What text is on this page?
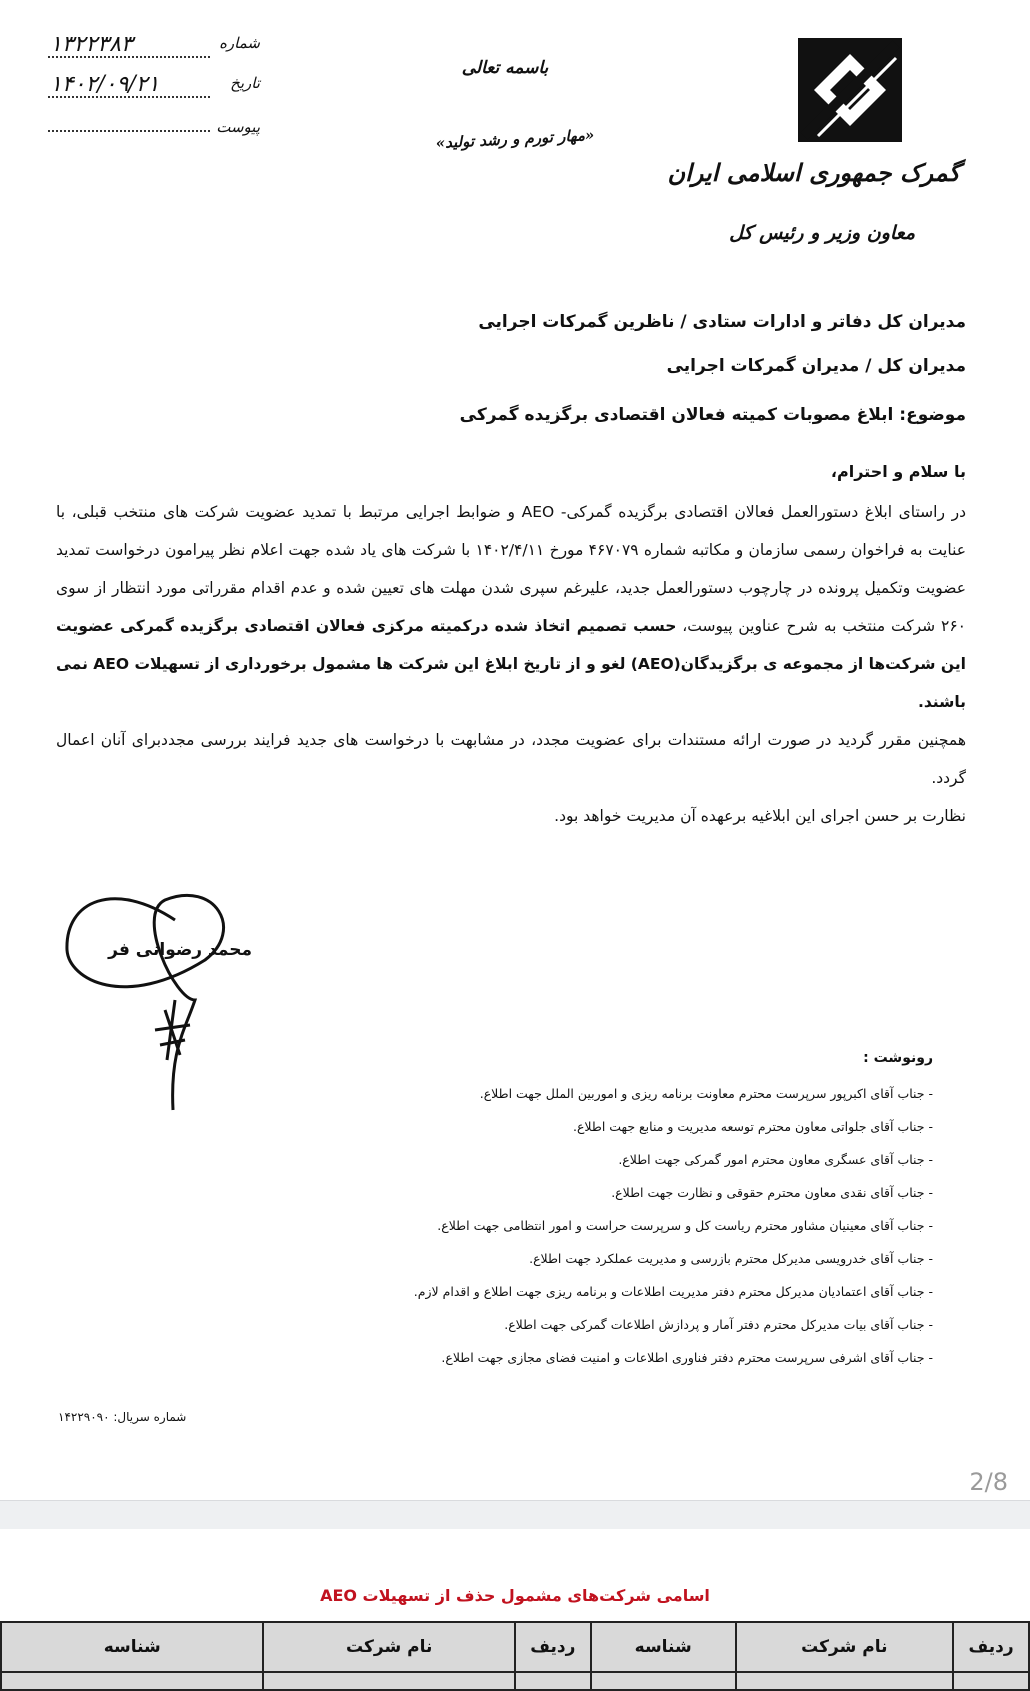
۱۳۲۲۳۸۳	شماره
۱۴۰۲/۰۹/۲۱	تاریخ
پیوست
باسمه تعالی
«مهار تورم و رشد تولید»
گمرک جمهوری اسلامی ایران
معاون وزیر و رئیس کل
مدیران کل دفاتر و ادارات ستادی / ناظرین گمرکات اجرایی
مدیران کل / مدیران گمرکات اجرایی
موضوع: ابلاغ مصوبات کمیته فعالان اقتصادی برگزیده گمرکی
با سلام و احترام،

در راستای ابلاغ دستورالعمل فعالان اقتصادی برگزیده گمرکی- AEO و ضوابط اجرایی مرتبط با تمدید عضویت شرکت های منتخب قبلی، با عنایت به فراخوان رسمی سازمان و مکاتبه شماره ۴۶۷۰۷۹ مورخ ۱۴۰۲/۴/۱۱ با شرکت های یاد شده جهت اعلام نظر پیرامون درخواست تمدید عضویت وتکمیل پرونده در چارچوب دستورالعمل جدید، علیرغم سپری شدن مهلت های تعیین شده و عدم اقدام مقرراتی مورد انتظار از سوی ۲۶۰ شرکت منتخب به شرح عناوین پیوست، حسب تصمیم اتخاذ شده درکمیته مرکزی فعالان اقتصادی برگزیده گمرکی عضویت این شرکت‌ها از مجموعه ی برگزیدگان(AEO) لغو و از تاریخ ابلاغ این شرکت ها مشمول برخورداری از تسهیلات AEO نمی باشند.

همچنین مقرر گردید در صورت ارائه مستندات برای عضویت مجدد، در مشابهت با درخواست های جدید فرایند بررسی مجددبرای آنان اعمال گردد.

نظارت بر حسن اجرای این ابلاغیه برعهده آن مدیریت خواهد بود.

محمد رضوانی فر
رونوشت :
- جناب آقای اکبرپور سرپرست محترم معاونت برنامه ریزی و اموربین الملل جهت اطلاع.
- جناب آقای جلواتی معاون محترم توسعه مدیریت و منابع جهت اطلاع.
- جناب آقای عسگری معاون محترم امور گمرکی جهت اطلاع.
- جناب آقای نقدی معاون محترم حقوقی و نظارت جهت اطلاع.
- جناب آقای معینیان مشاور محترم ریاست کل و سرپرست حراست و امور انتظامی جهت اطلاع.
- جناب آقای خدرویسی مدیرکل محترم بازرسی و مدیریت عملکرد جهت اطلاع.
- جناب آقای اعتمادیان مدیرکل محترم دفتر مدیریت اطلاعات و برنامه ریزی جهت اطلاع و اقدام لازم.
- جناب آقای بیات مدیرکل محترم دفتر آمار و پردازش اطلاعات گمرکی جهت اطلاع.
- جناب آقای اشرفی سرپرست محترم دفتر فناوری اطلاعات و امنیت فضای مجازی جهت اطلاع.
شماره سریال: ۱۴۲۲۹۰۹۰
2/8
اسامی شرکت‌های مشمول حذف از تسهیلات AEO
ردیف	نام شرکت	شناسه	ردیف	نام شرکت	شناسه
